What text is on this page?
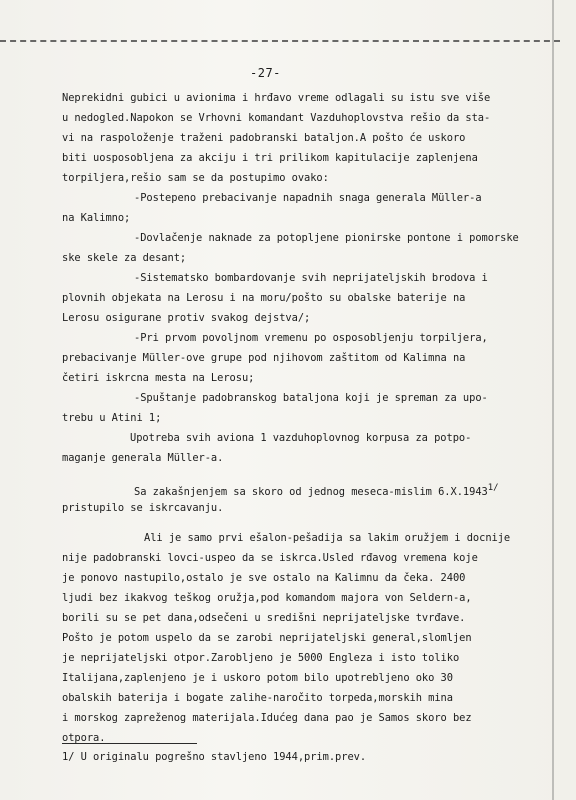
-27-
Neprekidni gubici u avionima i hrđavo vreme odlagali su istu sve više
u nedogled.Napokon se Vrhovni komandant Vazduhoplovstva rešio da sta-
vi na raspoloženje traženi padobranski bataljon.A pošto će uskoro
biti uosposobljena za akciju i tri prilikom kapitulacije zaplenjena
torpiljera,rešio sam se da postupimo ovako:
-Postepeno prebacivanje napadnih snaga generala Müller-a
na Kalimno;
-Dovlačenje naknade za potopljene pionirske pontone i pomorske
ske skele za desant;
-Sistematsko bombardovanje svih neprijateljskih brodova i
plovnih objekata na Lerosu i na moru/pošto su obalske baterije na
Lerosu osigurane protiv svakog dejstva/;
-Pri prvom povoljnom vremenu po osposobljenju torpiljera,
prebacivanje Müller-ove grupe pod njihovom zaštitom od Kalimna na
četiri iskrcna mesta na Lerosu;
-Spuštanje padobranskog bataljona koji je spreman za upo-
trebu u Atini 1;
Upotreba svih aviona 1 vazduhoplovnog korpusa za potpo-
maganje generala Müller-a.
Sa zakašnjenjem sa skoro od jednog meseca-mislim 6.X.19431/
pristupilo se iskrcavanju.
Ali je samo prvi ešalon-pešadija sa lakim oružjem i docnije
nije padobranski lovci-uspeo da se iskrca.Usled rđavog vremena koje
je ponovo nastupilo,ostalo je sve ostalo na Kalimnu da čeka. 2400
ljudi bez ikakvog teškog oružja,pod komandom majora von Seldern-a,
borili su se pet dana,odsečeni u središni neprijateljske tvrđave.
Pošto je potom uspelo da se zarobi neprijateljski general,slomljen
je neprijateljski otpor.Zarobljeno je 5000 Engleza i isto toliko
Italijana,zaplenjeno je i uskoro potom bilo upotrebljeno oko 30
obalskih baterija i bogate zalihe-naročito torpeda,morskih mina
i morskog zapreženog materijala.Idućeg dana pao je Samos skoro bez
otpora.
1/ U originalu pogrešno stavljeno 1944,prim.prev.
